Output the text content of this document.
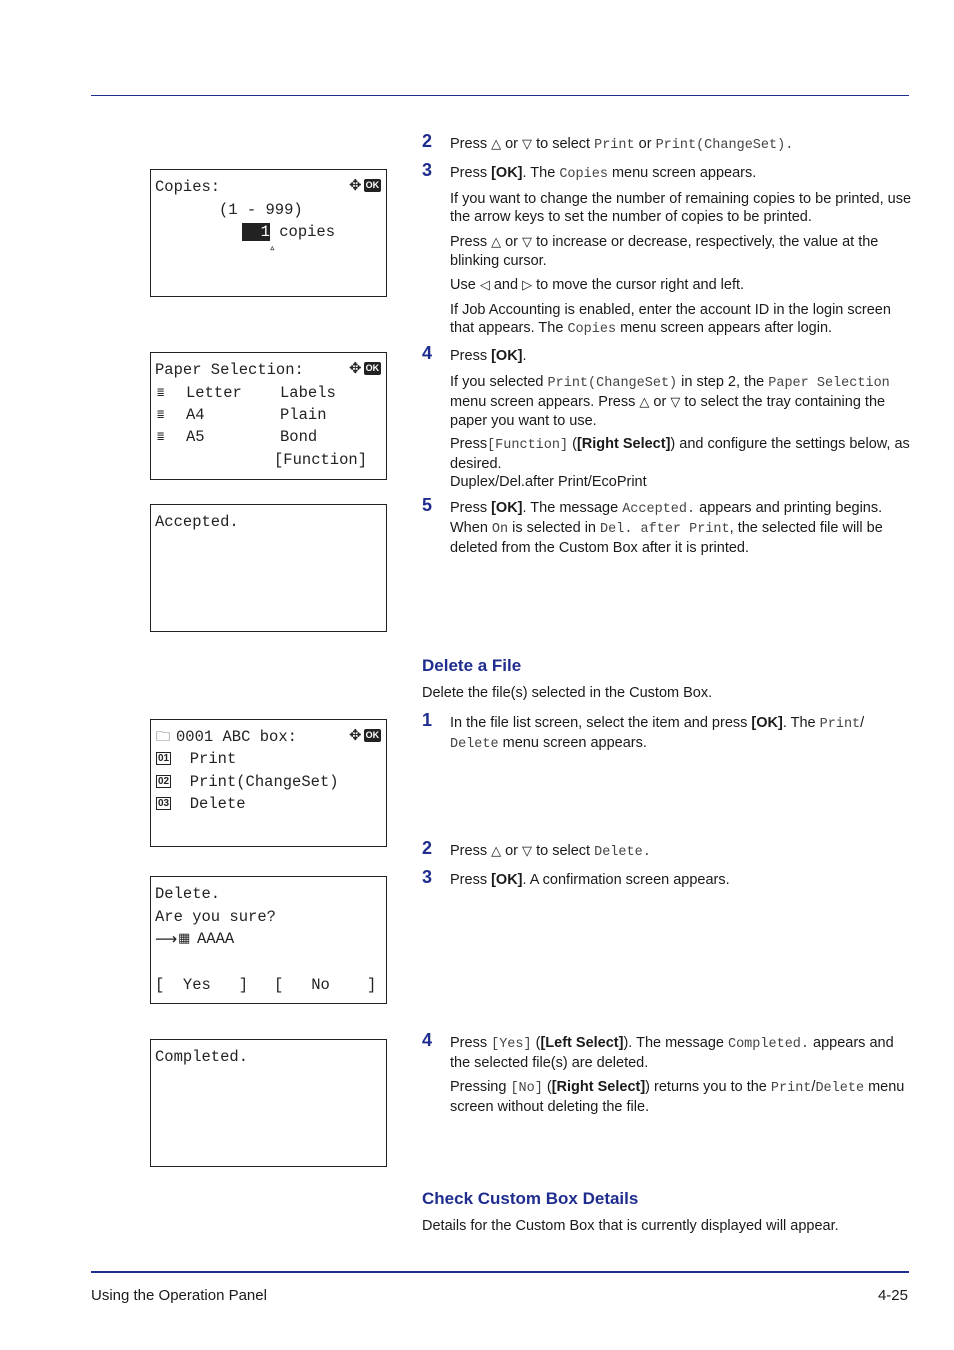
Copies:	✥ OK
(1 - 999)
1 copies
▵
Paper Selection:	✥ OK
≣ Letter Labels
≣ A4	Plain
≣ A5	Bond
[Function]
Accepted.
🗀 0001 ABC box:	✥ OK
01 Print
02 Print(ChangeSet)
03 Delete
Delete.
Are you sure?
⟶ ▦ AAAA
[  Yes   ] [   No    ]
Completed.
2 Press △ or ▽ to select Print or Print(ChangeSet).
3 Press [OK]. The Copies menu screen appears.
If you want to change the number of remaining copies to be printed, use the arrow keys to set the number of copies to be printed.
Press △ or ▽ to increase or decrease, respectively, the value at the blinking cursor.
Use ◁ and ▷ to move the cursor right and left.
If Job Accounting is enabled, enter the account ID in the login screen that appears. The Copies menu screen appears after login.
4 Press [OK].
If you selected Print(ChangeSet) in step 2, the Paper Selection menu screen appears. Press △ or ▽ to select the tray containing the paper you want to use.
Press[Function] ([Right Select]) and configure the settings below, as desired.
Duplex/Del.after Print/EcoPrint
5 Press [OK]. The message Accepted. appears and printing begins.
When On is selected in Del. after Print, the selected file will be deleted from the Custom Box after it is printed.
Delete a File
Delete the file(s) selected in the Custom Box.
1 In the file list screen, select the item and press [OK]. The Print/
Delete menu screen appears.
2 Press △ or ▽ to select Delete.
3 Press [OK]. A confirmation screen appears.
4 Press [Yes] ([Left Select]). The message Completed. appears and the selected file(s) are deleted.
Pressing [No] ([Right Select]) returns you to the Print/Delete menu screen without deleting the file.
Check Custom Box Details
Details for the Custom Box that is currently displayed will appear.
Using the Operation Panel	4-25
